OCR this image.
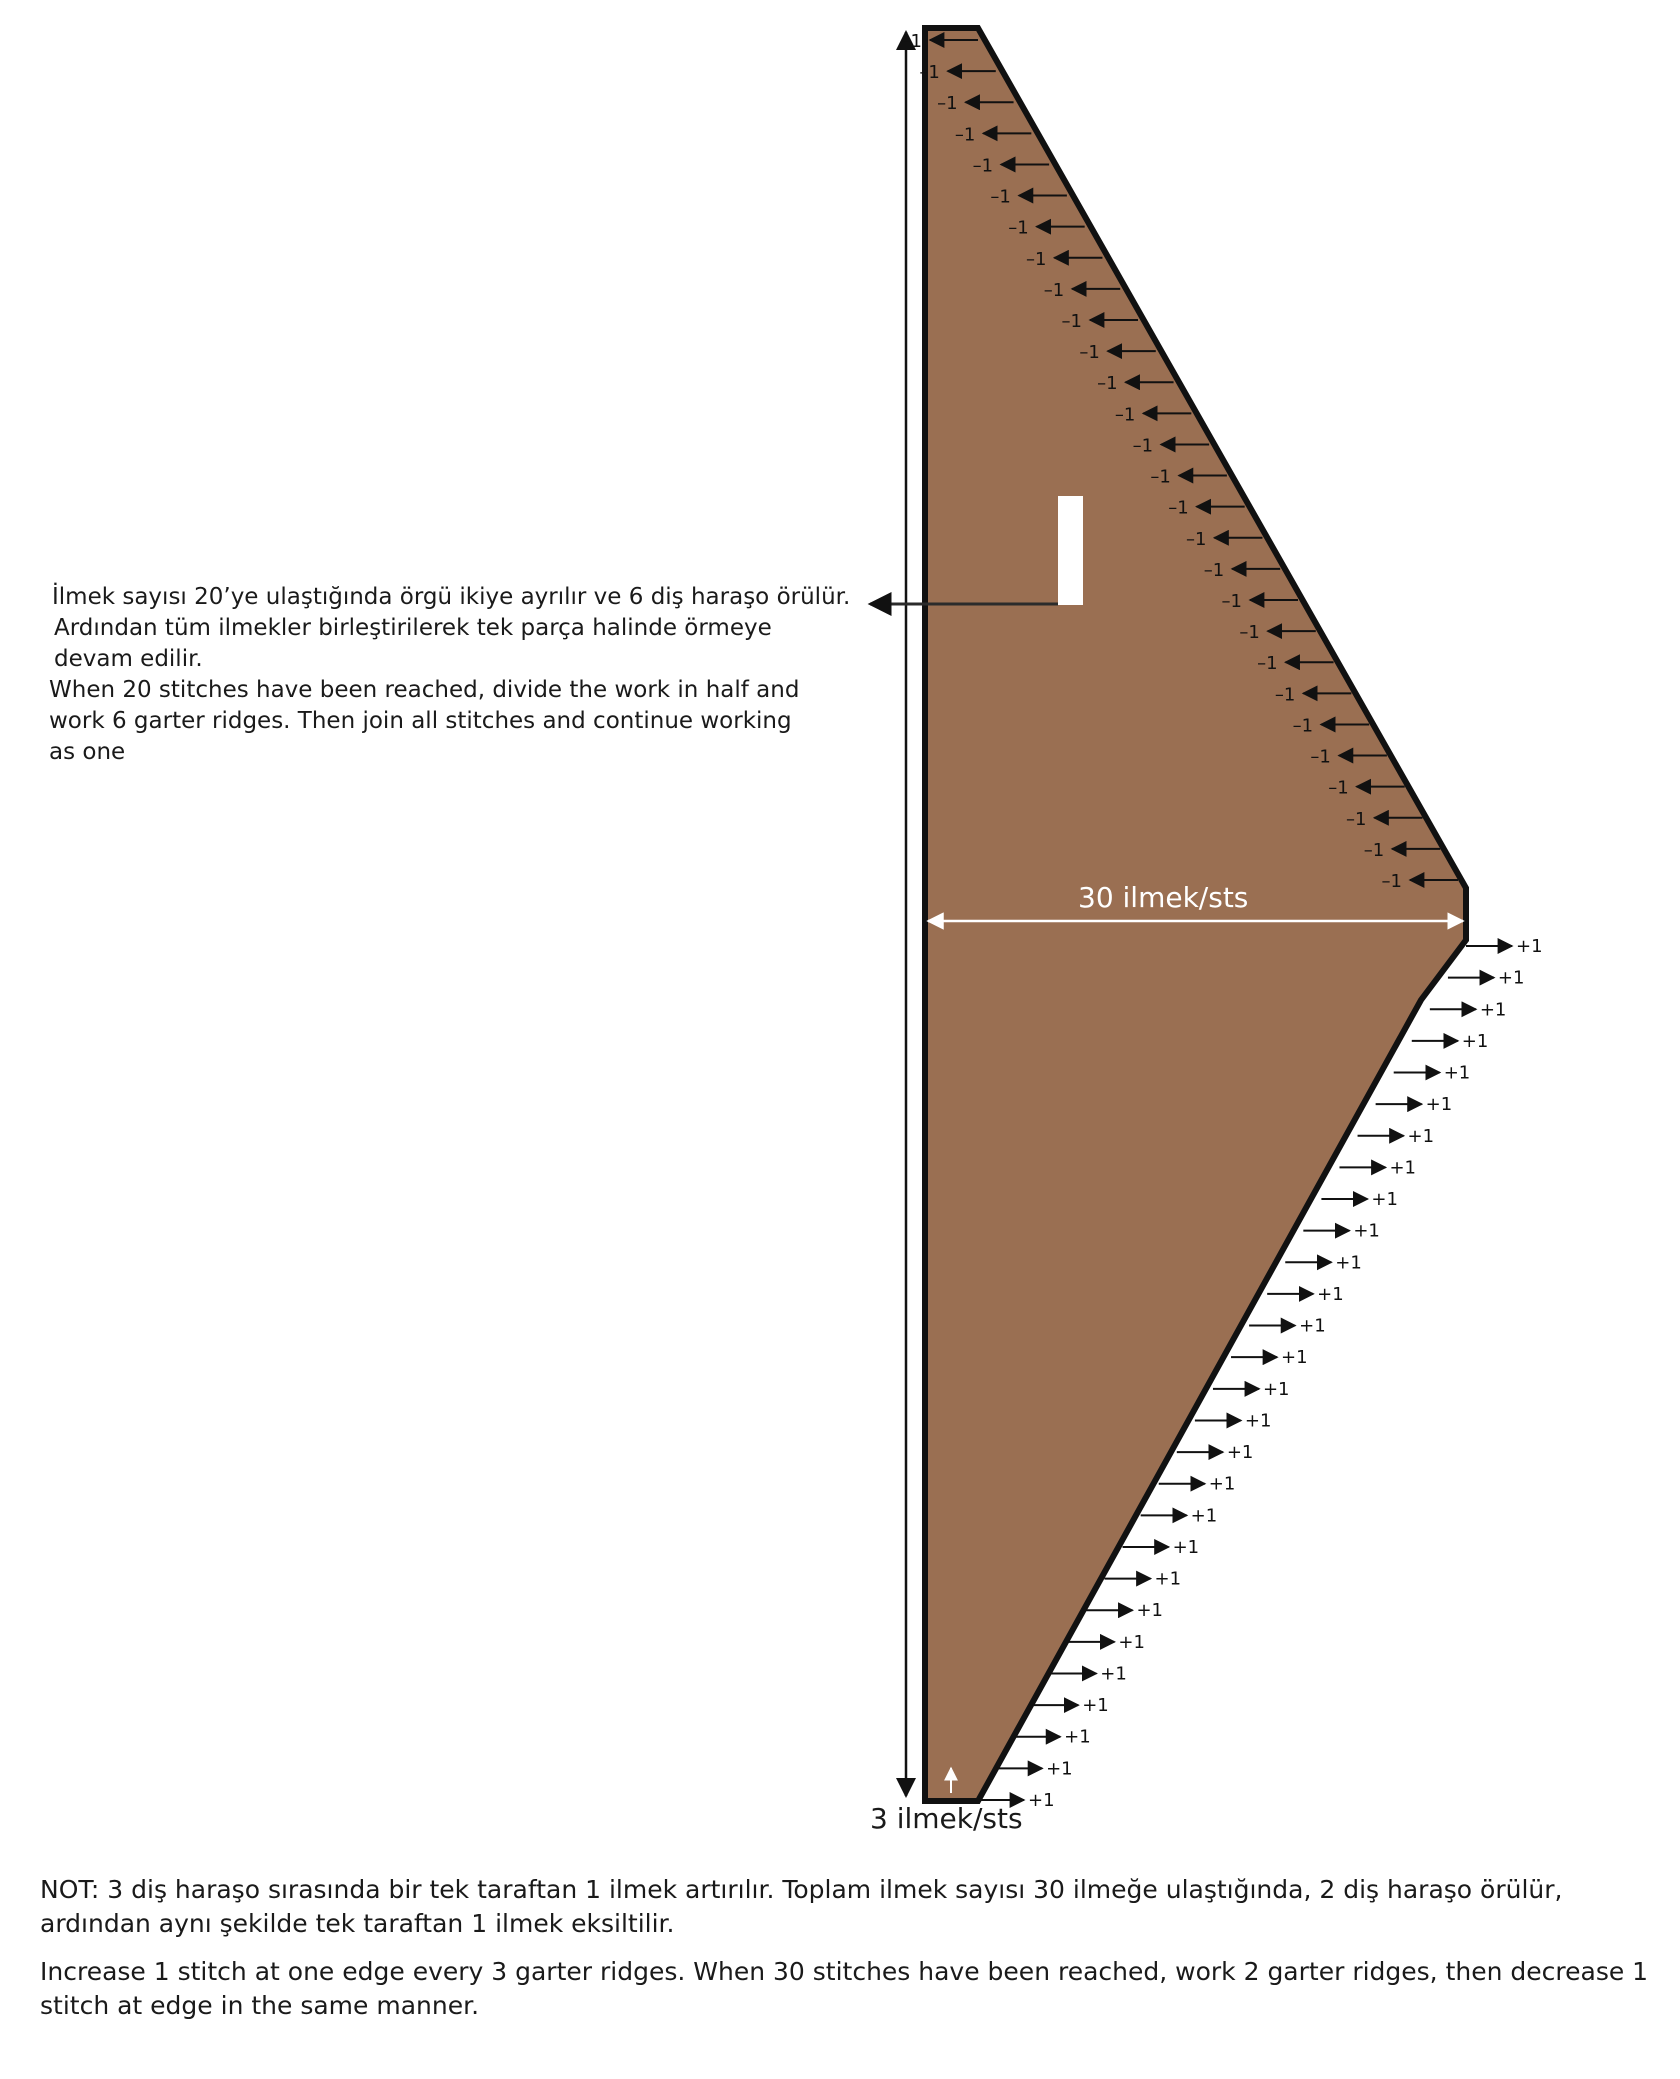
–1
–1
–1
–1
–1
–1
–1
–1
–1
–1
–1
–1
–1
–1
–1
–1
–1
–1
–1
–1
–1
–1
–1
–1
–1
–1
–1
–1
+1
+1
+1
+1
+1
+1
+1
+1
+1
+1
+1
+1
+1
+1
+1
+1
+1
+1
+1
+1
+1
+1
+1
+1
+1
+1
+1
+1
30 ilmek/sts
3 ilmek/sts
İlmek sayısı 20’ye ulaştığında örgü ikiye ayrılır ve 6 diş haraşo örülür.
Ardından tüm ilmekler birleştirilerek tek parça halinde örmeye
devam edilir.
When 20 stitches have been reached, divide the work in half and
work 6 garter ridges. Then join all stitches and continue working
as one

NOT: 3 diş haraşo sırasında bir tek taraftan 1 ilmek artırılır. Toplam ilmek sayısı 30 ilmeğe ulaştığında, 2 diş haraşo örülür, ardından aynı şekilde tek taraftan 1 ilmek eksiltilir.

Increase 1 stitch at one edge every 3 garter ridges. When 30 stitches have been reached, work 2 garter ridges, then decrease 1 stitch at edge in the same manner.
